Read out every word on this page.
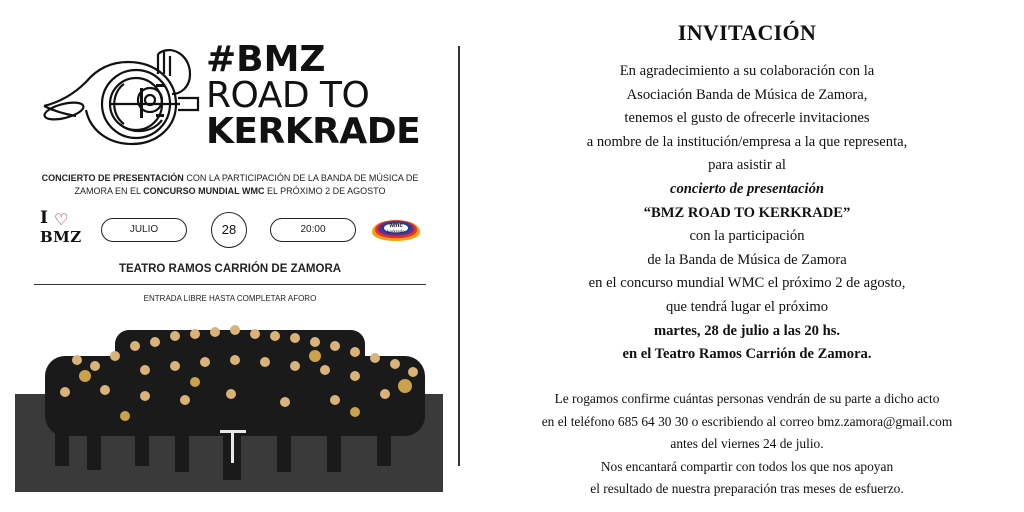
#BMZ
ROAD TO
KERKRADE
CONCIERTO DE PRESENTACIÓN CON LA PARTICIPACIÓN DE LA BANDA DE MÚSICA DE ZAMORA EN EL CONCURSO MUNDIAL WMC EL PRÓXIMO 2 DE AGOSTO
I ♡
BMZ	JULIO	28	20:00	wmc
kerkrade
TEATRO RAMOS CARRIÓN DE ZAMORA
ENTRADA LIBRE HASTA COMPLETAR AFORO
INVITACIÓN
En agradecimiento a su colaboración con la
Asociación Banda de Música de Zamora,
tenemos el gusto de ofrecerle invitaciones
a nombre de la institución/empresa a la que representa,
para asistir al
concierto de presentación
“BMZ ROAD TO KERKRADE”
con la participación
de la Banda de Música de Zamora
en el concurso mundial WMC el próximo 2 de agosto,
que tendrá lugar el próximo
martes, 28 de julio a las 20 hs.
en el Teatro Ramos Carrión de Zamora.
Le rogamos confirme cuántas personas vendrán de su parte a dicho acto
en el teléfono 685 64 30 30 o escribiendo al correo bmz.zamora@gmail.com
antes del viernes 24 de julio.
Nos encantará compartir con todos los que nos apoyan
el resultado de nuestra preparación tras meses de esfuerzo.
